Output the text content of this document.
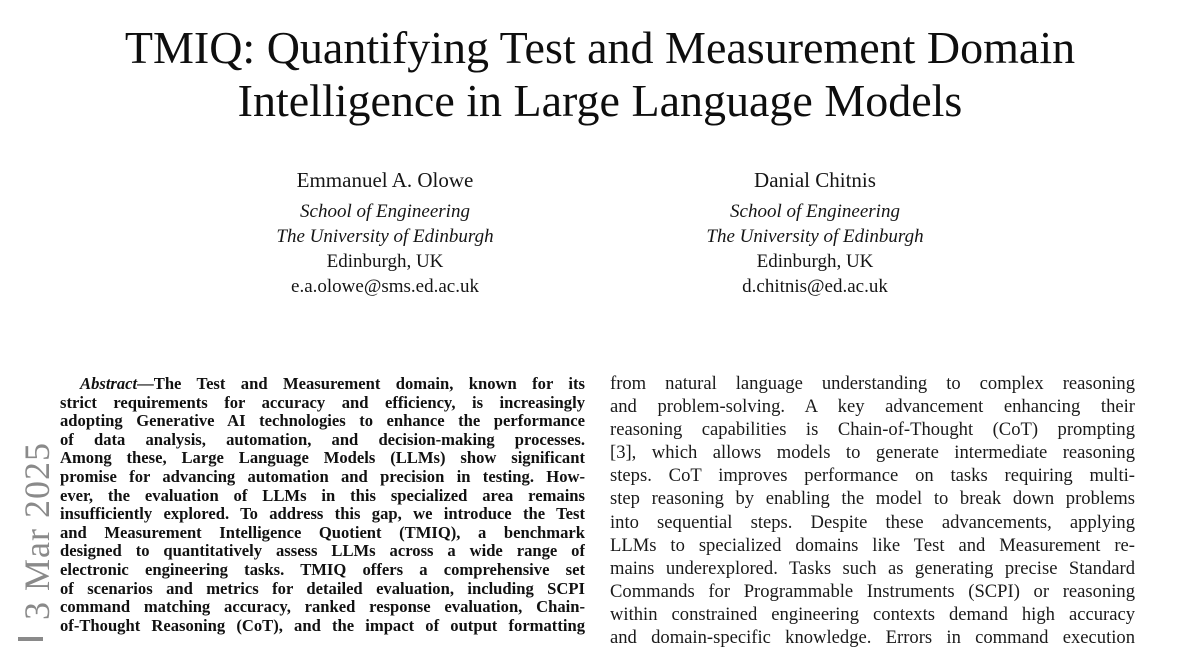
TMIQ: Quantifying Test and Measurement Domain
Intelligence in Large Language Models
Emmanuel A. Olowe
School of Engineering
The University of Edinburgh
Edinburgh, UK
e.a.olowe@sms.ed.ac.uk
Danial Chitnis
School of Engineering
The University of Edinburgh
Edinburgh, UK
d.chitnis@ed.ac.uk
Abstract—The Test and Measurement domain, known for its
strict requirements for accuracy and efficiency, is increasingly
adopting Generative AI technologies to enhance the performance
of data analysis, automation, and decision-making processes.
Among these, Large Language Models (LLMs) show significant
promise for advancing automation and precision in testing. How-
ever, the evaluation of LLMs in this specialized area remains
insufficiently explored. To address this gap, we introduce the Test
and Measurement Intelligence Quotient (TMIQ), a benchmark
designed to quantitatively assess LLMs across a wide range of
electronic engineering tasks. TMIQ offers a comprehensive set
of scenarios and metrics for detailed evaluation, including SCPI
command matching accuracy, ranked response evaluation, Chain-
of-Thought Reasoning (CoT), and the impact of output formatting
from natural language understanding to complex reasoning
and problem-solving. A key advancement enhancing their
reasoning capabilities is Chain-of-Thought (CoT) prompting
[3], which allows models to generate intermediate reasoning
steps. CoT improves performance on tasks requiring multi-
step reasoning by enabling the model to break down problems
into sequential steps. Despite these advancements, applying
LLMs to specialized domains like Test and Measurement re-
mains underexplored. Tasks such as generating precise Standard
Commands for Programmable Instruments (SCPI) or reasoning
within constrained engineering contexts demand high accuracy
and domain-specific knowledge. Errors in command execution
3 Mar 2025
